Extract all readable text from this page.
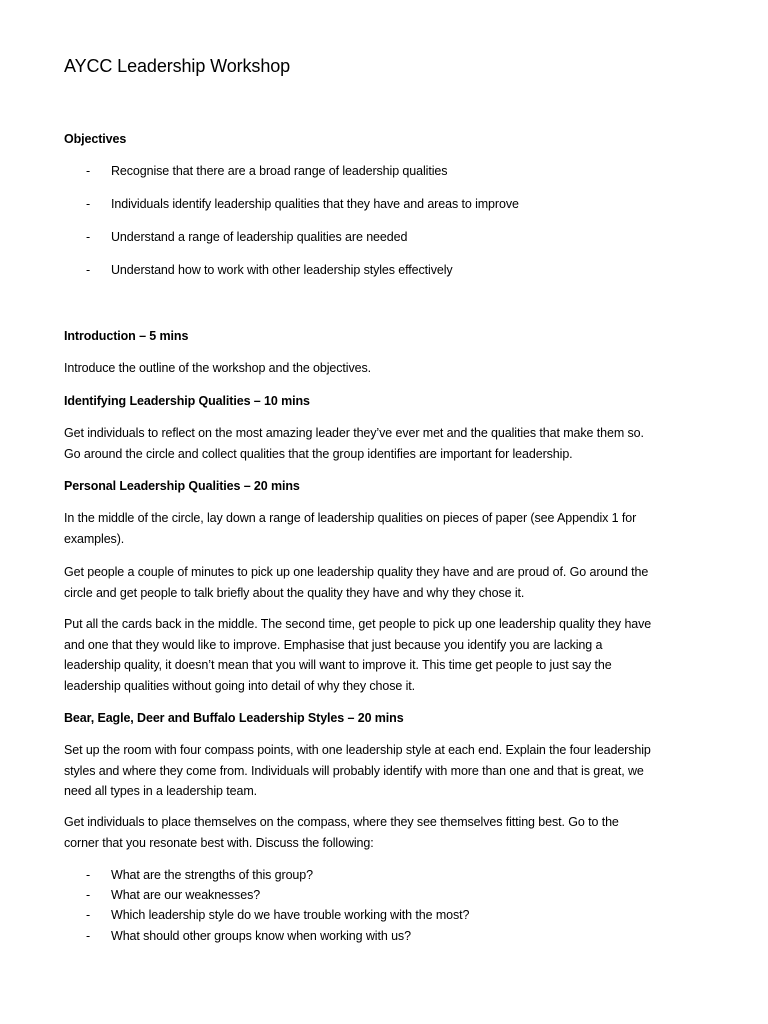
AYCC Leadership Workshop
Objectives
- Recognise that there are a broad range of leadership qualities
- Individuals identify leadership qualities that they have and areas to improve
- Understand a range of leadership qualities are needed
- Understand how to work with other leadership styles effectively
Introduction – 5 mins
Introduce the outline of the workshop and the objectives.
Identifying Leadership Qualities – 10 mins
Get individuals to reflect on the most amazing leader they’ve ever met and the qualities that make them so.
Go around the circle and collect qualities that the group identifies are important for leadership.
Personal Leadership Qualities – 20 mins
In the middle of the circle, lay down a range of leadership qualities on pieces of paper (see Appendix 1 for
examples).
Get people a couple of minutes to pick up one leadership quality they have and are proud of. Go around the
circle and get people to talk briefly about the quality they have and why they chose it.
Put all the cards back in the middle. The second time, get people to pick up one leadership quality they have
and one that they would like to improve. Emphasise that just because you identify you are lacking a
leadership quality, it doesn’t mean that you will want to improve it. This time get people to just say the
leadership qualities without going into detail of why they chose it.
Bear, Eagle, Deer and Buffalo Leadership Styles – 20 mins
Set up the room with four compass points, with one leadership style at each end. Explain the four leadership
styles and where they come from. Individuals will probably identify with more than one and that is great, we
need all types in a leadership team.
Get individuals to place themselves on the compass, where they see themselves fitting best. Go to the
corner that you resonate best with. Discuss the following:
- What are the strengths of this group?
- What are our weaknesses?
- Which leadership style do we have trouble working with the most?
- What should other groups know when working with us?
